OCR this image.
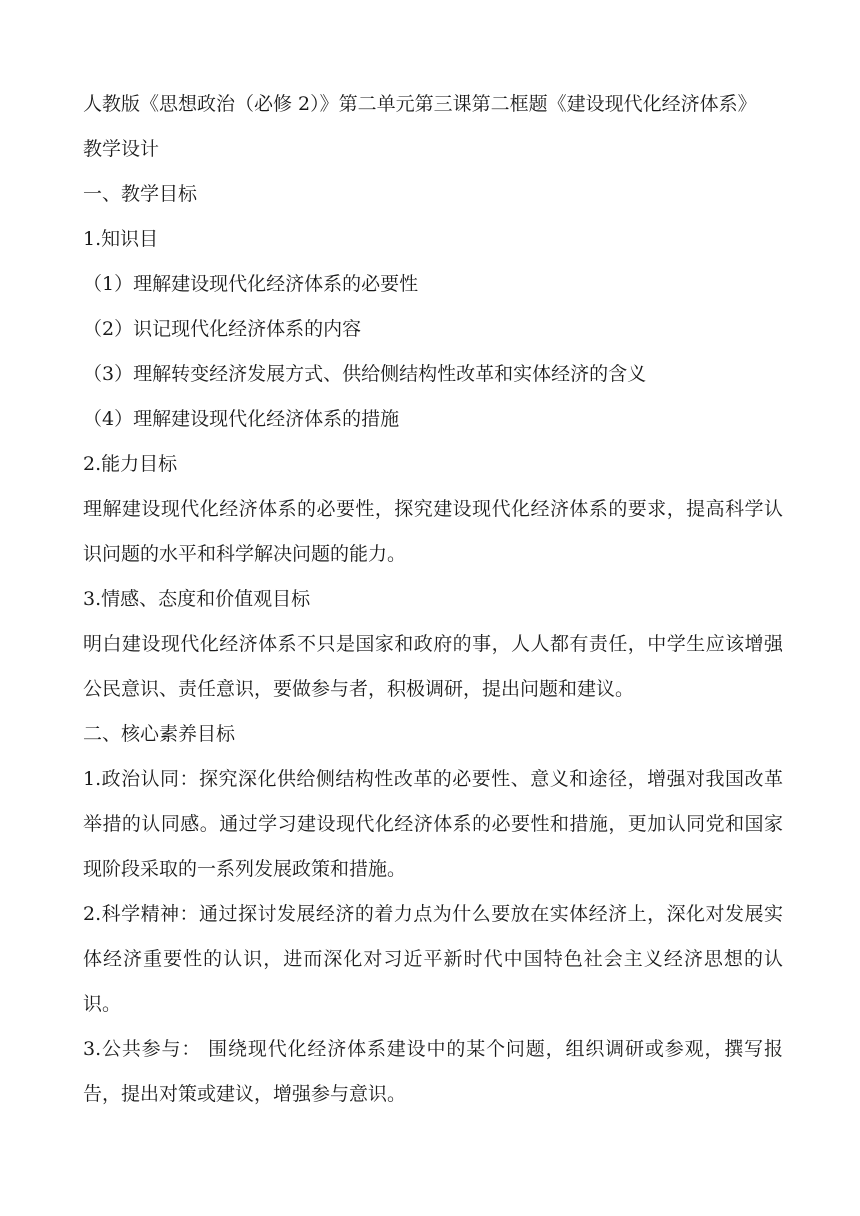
人教版《思想政治（必修 2）》第二单元第三课第二框题《建设现代化经济体系》
教学设计
一、教学目标
1.知识目
（1）理解建设现代化经济体系的必要性
（2）识记现代化经济体系的内容
（3）理解转变经济发展方式、供给侧结构性改革和实体经济的含义
（4）理解建设现代化经济体系的措施
2.能力目标
理解建设现代化经济体系的必要性，探究建设现代化经济体系的要求，提高科学认识问题的水平和科学解决问题的能力。
3.情感、态度和价值观目标
明白建设现代化经济体系不只是国家和政府的事，人人都有责任，中学生应该增强公民意识、责任意识，要做参与者，积极调研，提出问题和建议。
二、核心素养目标
1.政治认同：探究深化供给侧结构性改革的必要性、意义和途径，增强对我国改革举措的认同感。通过学习建设现代化经济体系的必要性和措施，更加认同党和国家现阶段采取的一系列发展政策和措施。
2.科学精神：通过探讨发展经济的着力点为什么要放在实体经济上，深化对发展实体经济重要性的认识，进而深化对习近平新时代中国特色社会主义经济思想的认识。
3.公共参与： 围绕现代化经济体系建设中的某个问题，组织调研或参观，撰写报告，提出对策或建议，增强参与意识。
